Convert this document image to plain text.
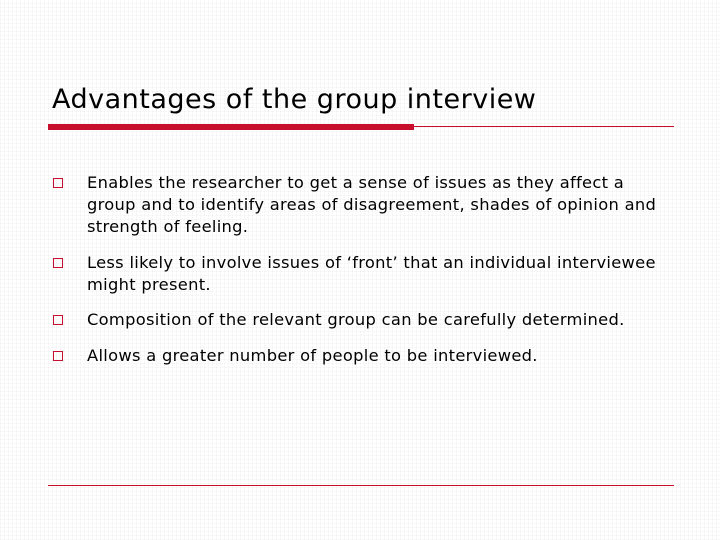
Advantages of the group interview
Enables the researcher to get a sense of issues as they affect a group and to identify areas of disagreement, shades of opinion and strength of feeling.
Less likely to involve issues of ‘front’ that an individual interviewee might present.
Composition of the relevant group can be carefully determined.
Allows a greater number of people to be interviewed.
